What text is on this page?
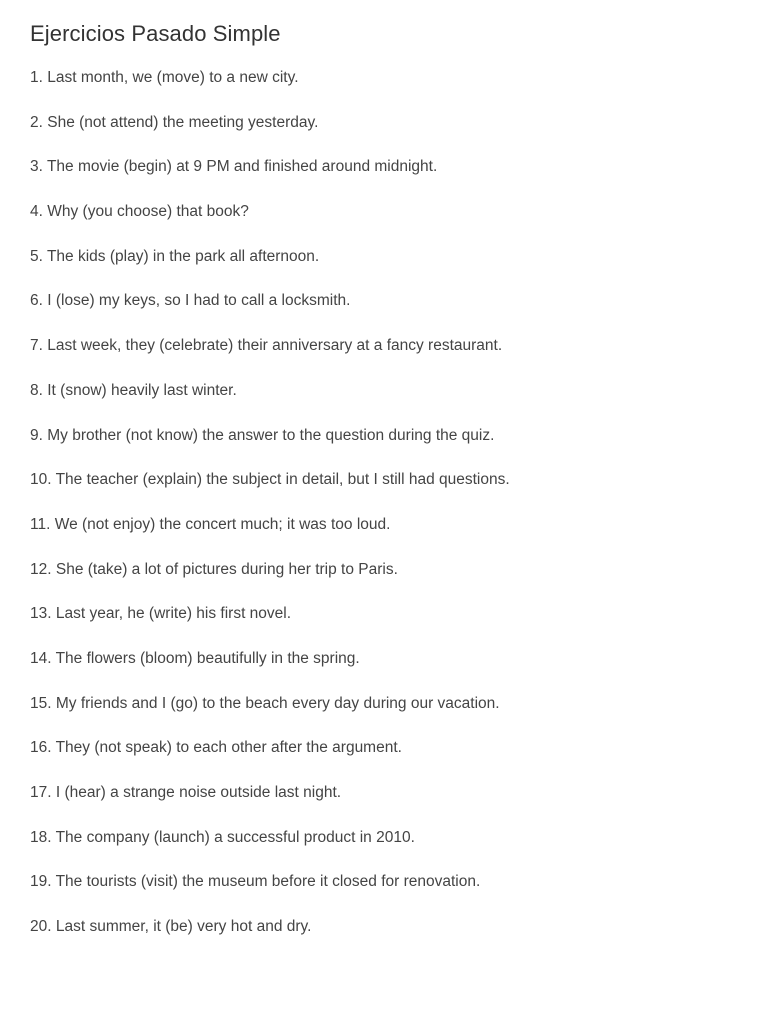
Ejercicios Pasado Simple
1. Last month, we (move) to a new city.
2. She (not attend) the meeting yesterday.
3. The movie (begin) at 9 PM and finished around midnight.
4. Why (you choose) that book?
5. The kids (play) in the park all afternoon.
6. I (lose) my keys, so I had to call a locksmith.
7. Last week, they (celebrate) their anniversary at a fancy restaurant.
8. It (snow) heavily last winter.
9. My brother (not know) the answer to the question during the quiz.
10. The teacher (explain) the subject in detail, but I still had questions.
11. We (not enjoy) the concert much; it was too loud.
12. She (take) a lot of pictures during her trip to Paris.
13. Last year, he (write) his first novel.
14. The flowers (bloom) beautifully in the spring.
15. My friends and I (go) to the beach every day during our vacation.
16. They (not speak) to each other after the argument.
17. I (hear) a strange noise outside last night.
18. The company (launch) a successful product in 2010.
19. The tourists (visit) the museum before it closed for renovation.
20. Last summer, it (be) very hot and dry.
